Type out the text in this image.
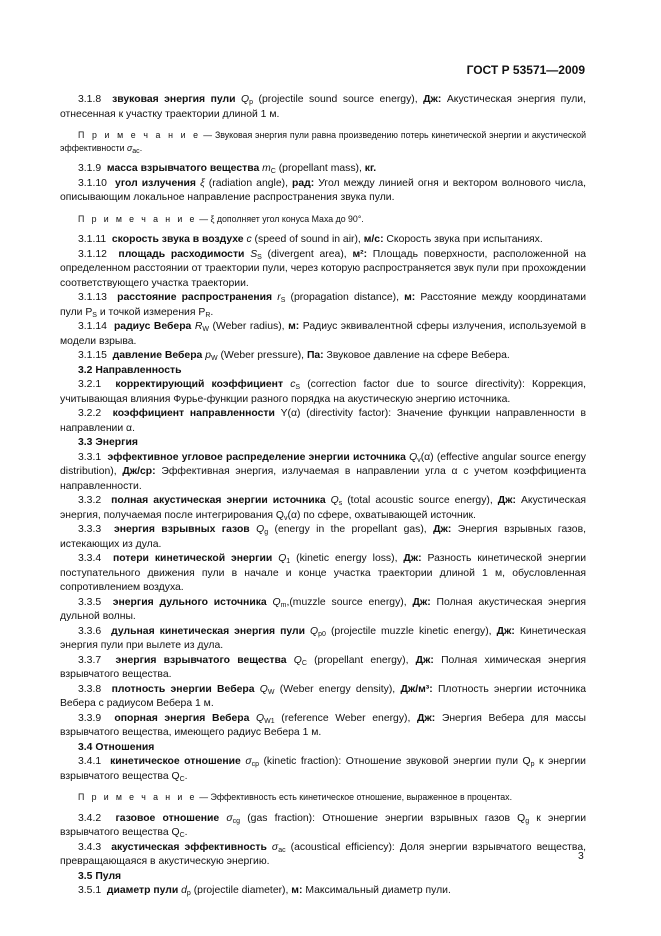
ГОСТ Р 53571—2009

3.1.8 звуковая энергия пули $Q_p$ (projectile sound source energy), Дж: Акустическая энергия пули, отнесенная к участку траектории длиной 1 м.

П р и м е ч а н и е — Звуковая энергия пули равна произведению потерь кинетической энергии и акустической эффективности $\sigma_{ac}$.

3.1.9 масса взрывчатого вещества $m_C$ (propellant mass), кг.

3.1.10 угол излучения ξ (radiation angle), рад: Угол между линией огня и вектором волнового числа, описывающим локальное направление распространения звука пули.

П р и м е ч а н и е — ξ дополняет угол конуса Маха до 90°.

3.1.11 скорость звука в воздухе c (speed of sound in air), м/с: Скорость звука при испытаниях.

3.1.12 площадь расходимости $S_S$ (divergent area), м²: Площадь поверхности, расположенной на определенном расстоянии от траектории пули, через которую распространяется звук пули при прохождении соответствующего участка траектории.

3.1.13 расстояние распространения $r_S$ (propagation distance), м: Расстояние между координатами пули $P_S$ и точкой измерения $P_R$.

3.1.14 радиус Вебера $R_W$ (Weber radius), м: Радиус эквивалентной сферы излучения, используемой в модели взрыва.

3.1.15 давление Вебера $p_W$ (Weber pressure), Па: Звуковое давление на сфере Вебера.

3.2 Направленность

3.2.1 корректирующий коэффициент $c_S$ (correction factor due to source directivity): Коррекция, учитывающая влияния Фурье-функции разного порядка на акустическую энергию источника.

3.2.2 коэффициент направленности Y(α) (directivity factor): Значение функции направленности в направлении α.

3.3 Энергия

3.3.1 эффективное угловое распределение энергии источника $Q_v(\alpha)$ (effective angular source energy distribution), Дж/ср: Эффективная энергия, излучаемая в направлении угла α с учетом коэффициента направленности.

3.3.2 полная акустическая энергии источника $Q_s$ (total acoustic source energy), Дж: Акустическая энергия, получаемая после интегрирования $Q_v(\alpha)$ по сфере, охватывающей источник.

3.3.3 энергия взрывных газов $Q_g$ (energy in the propellant gas), Дж: Энергия взрывных газов, истекающих из дула.

3.3.4 потери кинетической энергии $Q_1$ (kinetic energy loss), Дж: Разность кинетической энергии поступательного движения пули в начале и конце участка траектории длиной 1 м, обусловленная сопротивлением воздуха.

3.3.5 энергия дульного источника $Q_m,(muzzle$ source energy), Дж: Полная акустическая энергия дульной волны.

3.3.6 дульная кинетическая энергия пули $Q_{p0}$ (projectile muzzle kinetic energy), Дж: Кинетическая энергия пули при вылете из дула.

3.3.7 энергия взрывчатого вещества $Q_C$ (propellant energy), Дж: Полная химическая энергия взрывчатого вещества.

3.3.8 плотность энергии Вебера $Q_W$ (Weber energy density), Дж/м³: Плотность энергии источника Вебера с радиусом Вебера 1 м.

3.3.9 опорная энергия Вебера $Q_{W1}$ (reference Weber energy), Дж: Энергия Вебера для массы взрывчатого вещества, имеющего радиус Вебера 1 м.

3.4 Отношения

3.4.1 кинетическое отношение $\sigma_{cp}$ (kinetic fraction): Отношение звуковой энергии пули $Q_p$ к энергии взрывчатого вещества $Q_C$.

П р и м е ч а н и е — Эффективность есть кинетическое отношение, выраженное в процентах.

3.4.2 газовое отношение $\sigma_{cg}$ (gas fraction): Отношение энергии взрывных газов $Q_g$ к энергии взрывчатого вещества $Q_C$.

3.4.3 акустическая эффективность $\sigma_{ac}$ (acoustical efficiency): Доля энергии взрывчатого вещества, превращающаяся в акустическую энергию.

3.5 Пуля

3.5.1 диаметр пули $d_p$ (projectile diameter), м: Максимальный диаметр пули.

3
